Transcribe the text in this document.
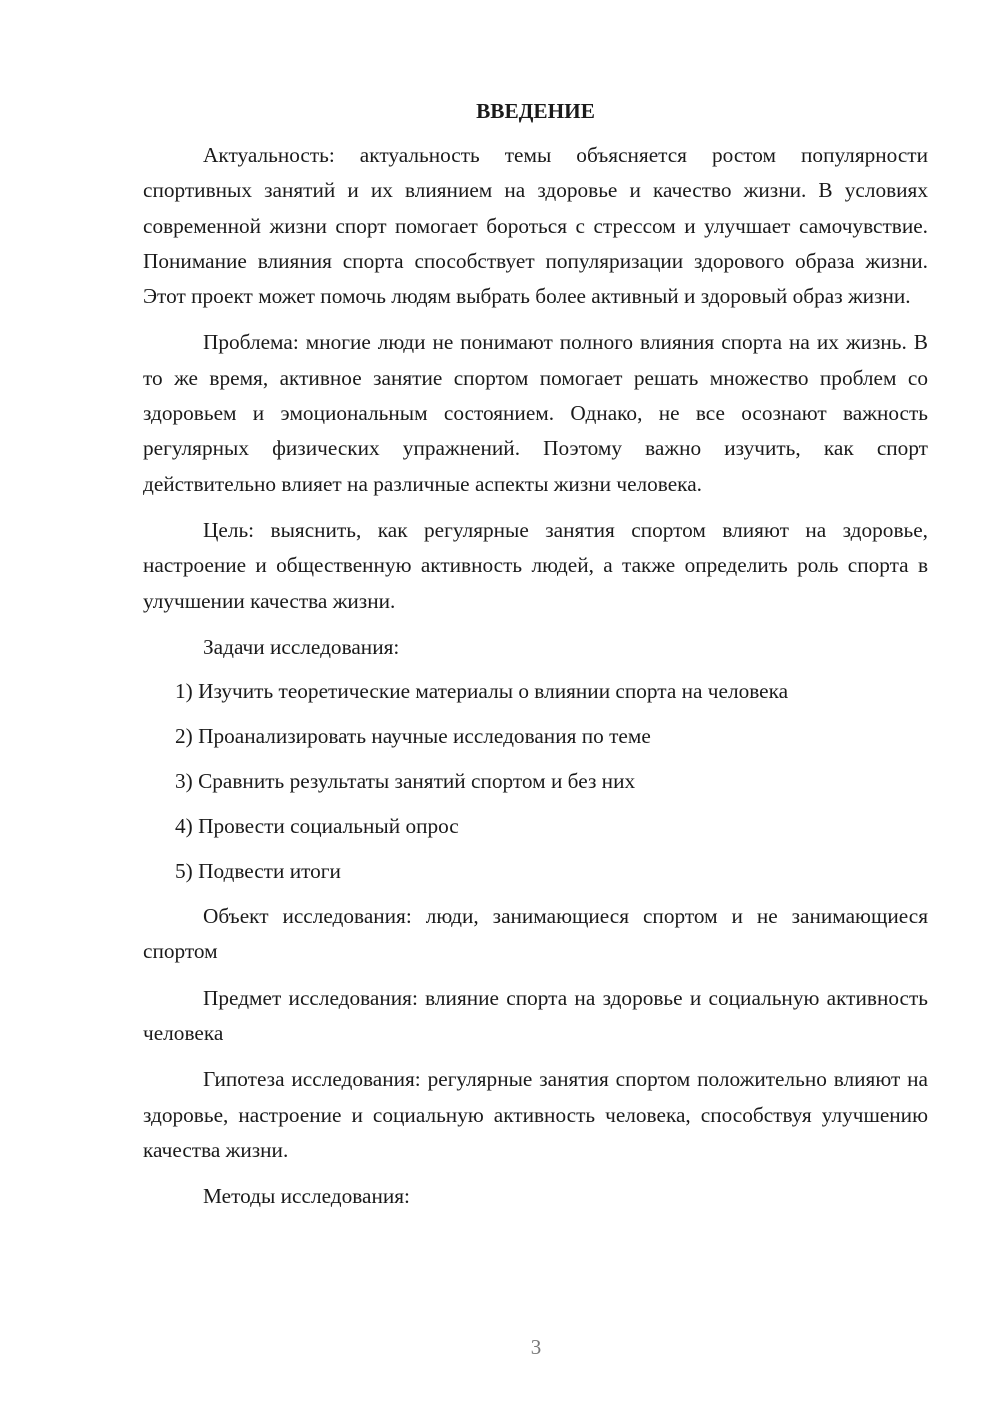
ВВЕДЕНИЕ

Актуальность: актуальность темы объясняется ростом популярности спортивных занятий и их влиянием на здоровье и качество жизни. В условиях современной жизни спорт помогает бороться с стрессом и улучшает самочувствие. Понимание влияния спорта способствует популяризации здорового образа жизни. Этот проект может помочь людям выбрать более активный и здоровый образ жизни.

Проблема: многие люди не понимают полного влияния спорта на их жизнь. В то же время, активное занятие спортом помогает решать множество проблем со здоровьем и эмоциональным состоянием. Однако, не все осознают важность регулярных физических упражнений. Поэтому важно изучить, как спорт действительно влияет на различные аспекты жизни человека.

Цель: выяснить, как регулярные занятия спортом влияют на здоровье, настроение и общественную активность людей, а также определить роль спорта в улучшении качества жизни.

Задачи исследования:

1) Изучить теоретические материалы о влиянии спорта на человека
2) Проанализировать научные исследования по теме
3) Сравнить результаты занятий спортом и без них
4) Провести социальный опрос
5) Подвести итоги

Объект исследования: люди, занимающиеся спортом и не занимающиеся спортом

Предмет исследования: влияние спорта на здоровье и социальную активность человека

Гипотеза исследования: регулярные занятия спортом положительно влияют на здоровье, настроение и социальную активность человека, способствуя улучшению качества жизни.

Методы исследования:

3
